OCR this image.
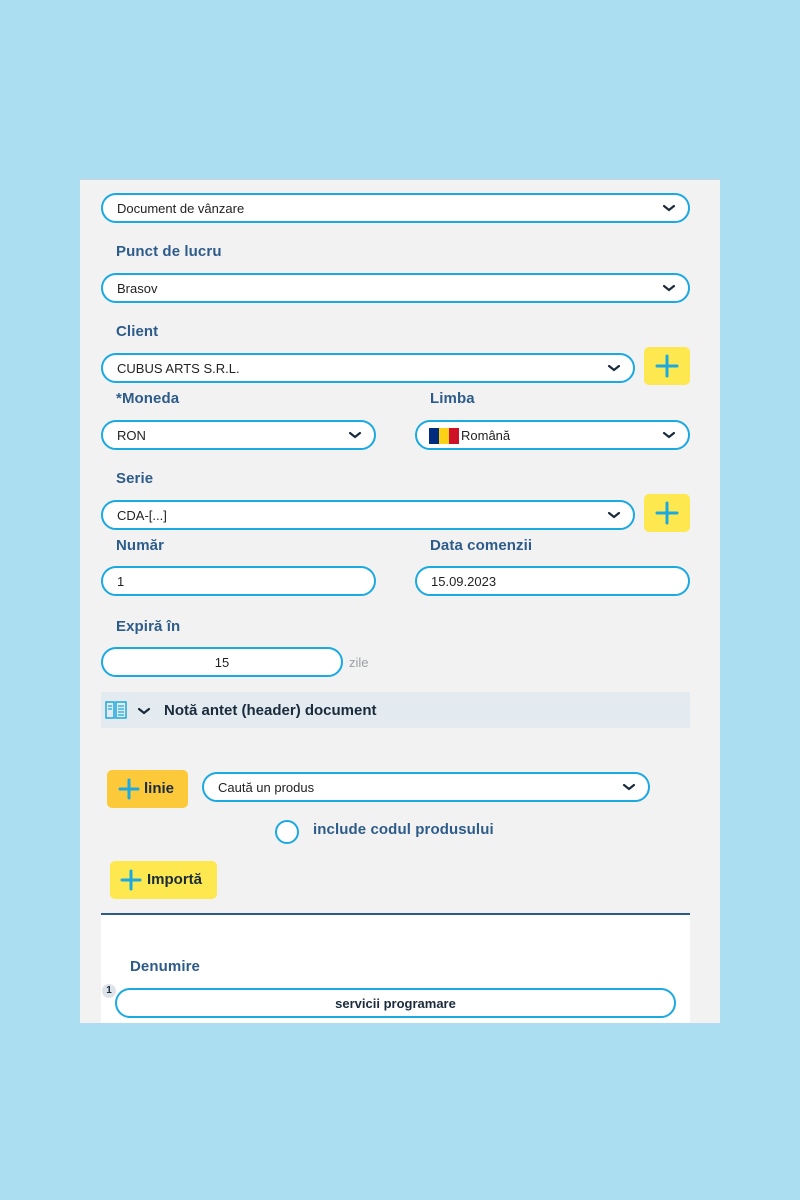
Document de vânzare
Punct de lucru
Brasov
Client
CUBUS ARTS S.R.L.
*Moneda	Limba
RON	Română
Serie
CDA-[...]
Număr	Data comenzii
1	15.09.2023
Expiră în
15	zile
Notă antet (header) document
linie	Caută un produs
include codul produsului
Importă
Denumire
1
servicii programare
